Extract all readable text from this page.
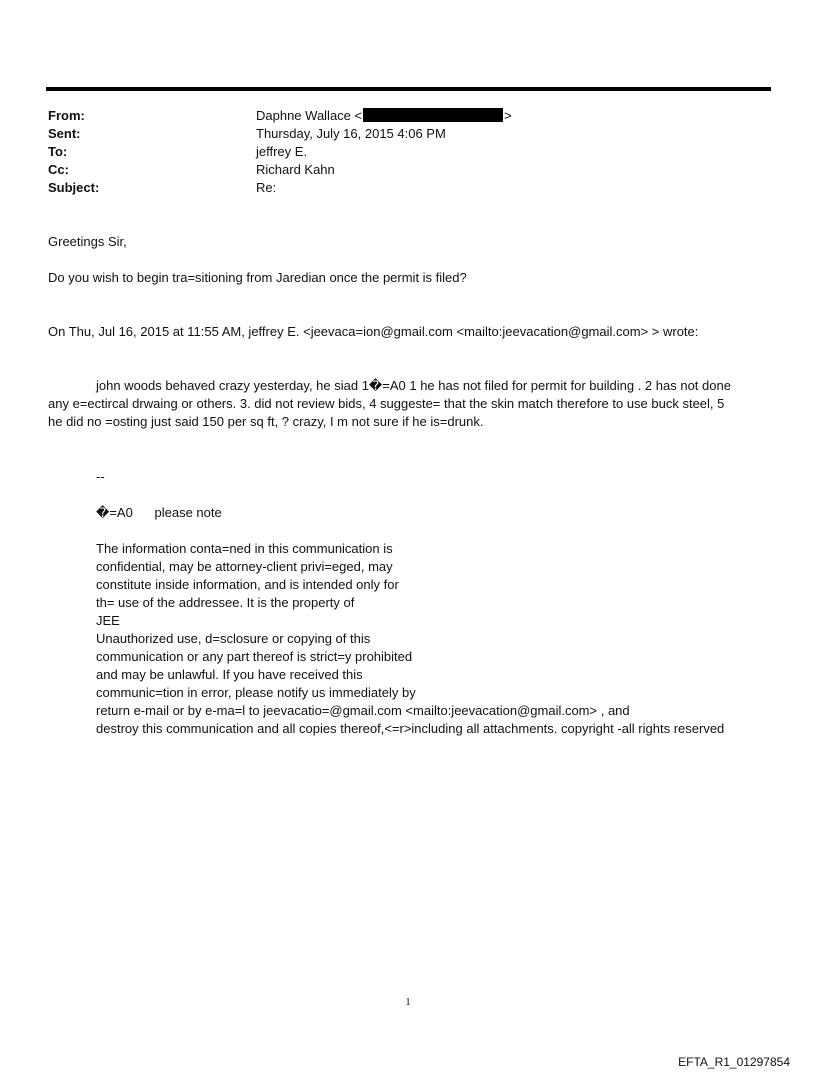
From:	Daphne Wallace <	>
Sent:	Thursday, July 16, 2015 4:06 PM
To:	jeffrey E.
Cc:	Richard Kahn
Subject:	Re:
Greetings Sir,
Do you wish to begin tra=sitioning from Jaredian once the permit is filed?
On Thu, Jul 16, 2015 at 11:55 AM, jeffrey E. <jeevaca=ion@gmail.com <mailto:jeevacation@gmail.com> > wrote:
john woods behaved crazy yesterday, he siad 1�=A0 1 he has not filed for permit for building . 2 has not done
any e=ectircal drwaing or others. 3. did not review bids, 4 suggeste= that the skin match therefore to use buck steel, 5
he did no =osting just said 150 per sq ft, ? crazy, I m not sure if he is=drunk.
--
�=A0      please note
The information conta=ned in this communication is
confidential, may be attorney-client privi=eged, may
constitute inside information, and is intended only for
th= use of the addressee. It is the property of
JEE
Unauthorized use, d=sclosure or copying of this
communication or any part thereof is strict=y prohibited
and may be unlawful. If you have received this
communic=tion in error, please notify us immediately by
return e-mail or by e-ma=l to jeevacatio=@gmail.com <mailto:jeevacation@gmail.com> , and
destroy this communication and all copies thereof,<=r>including all attachments. copyright -all rights reserved
1
EFTA_R1_01297854
